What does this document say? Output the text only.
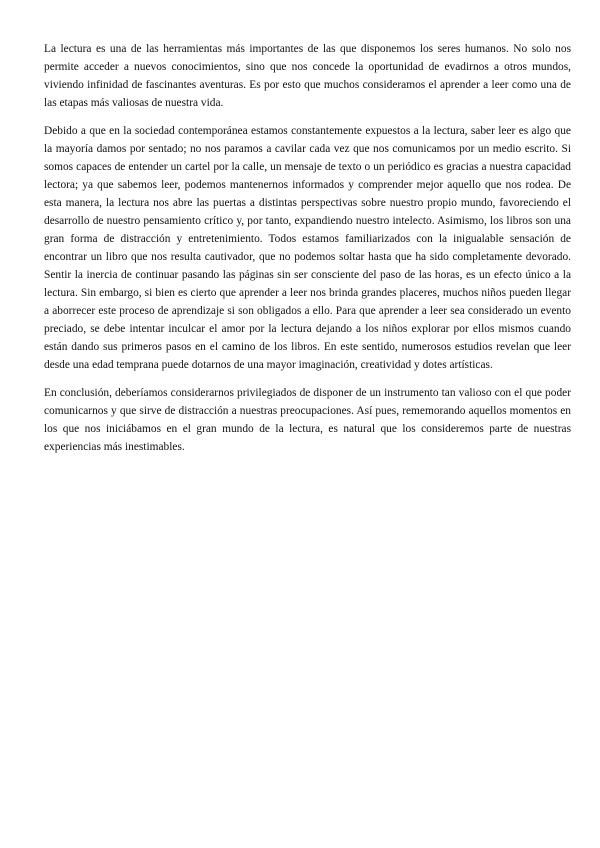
La lectura es una de las herramientas más importantes de las que disponemos los seres humanos. No solo nos permite acceder a nuevos conocimientos, sino que nos concede la oportunidad de evadirnos a otros mundos, viviendo infinidad de fascinantes aventuras. Es por esto que muchos consideramos el aprender a leer como una de las etapas más valiosas de nuestra vida.

Debido a que en la sociedad contemporánea estamos constantemente expuestos a la lectura, saber leer es algo que la mayoría damos por sentado; no nos paramos a cavilar cada vez que nos comunicamos por un medio escrito. Si somos capaces de entender un cartel por la calle, un mensaje de texto o un periódico es gracias a nuestra capacidad lectora; ya que sabemos leer, podemos mantenernos informados y comprender mejor aquello que nos rodea. De esta manera, la lectura nos abre las puertas a distintas perspectivas sobre nuestro propio mundo, favoreciendo el desarrollo de nuestro pensamiento crítico y, por tanto, expandiendo nuestro intelecto. Asimismo, los libros son una gran forma de distracción y entretenimiento. Todos estamos familiarizados con la inigualable sensación de encontrar un libro que nos resulta cautivador, que no podemos soltar hasta que ha sido completamente devorado. Sentir la inercia de continuar pasando las páginas sin ser consciente del paso de las horas, es un efecto único a la lectura. Sin embargo, si bien es cierto que aprender a leer nos brinda grandes placeres, muchos niños pueden llegar a aborrecer este proceso de aprendizaje si son obligados a ello. Para que aprender a leer sea considerado un evento preciado, se debe intentar inculcar el amor por la lectura dejando a los niños explorar por ellos mismos cuando están dando sus primeros pasos en el camino de los libros. En este sentido, numerosos estudios revelan que leer desde una edad temprana puede dotarnos de una mayor imaginación, creatividad y dotes artísticas.

En conclusión, deberíamos considerarnos privilegiados de disponer de un instrumento tan valioso con el que poder comunicarnos y que sirve de distracción a nuestras preocupaciones. Así pues, rememorando aquellos momentos en los que nos iniciábamos en el gran mundo de la lectura, es natural que los consideremos parte de nuestras experiencias más inestimables.
